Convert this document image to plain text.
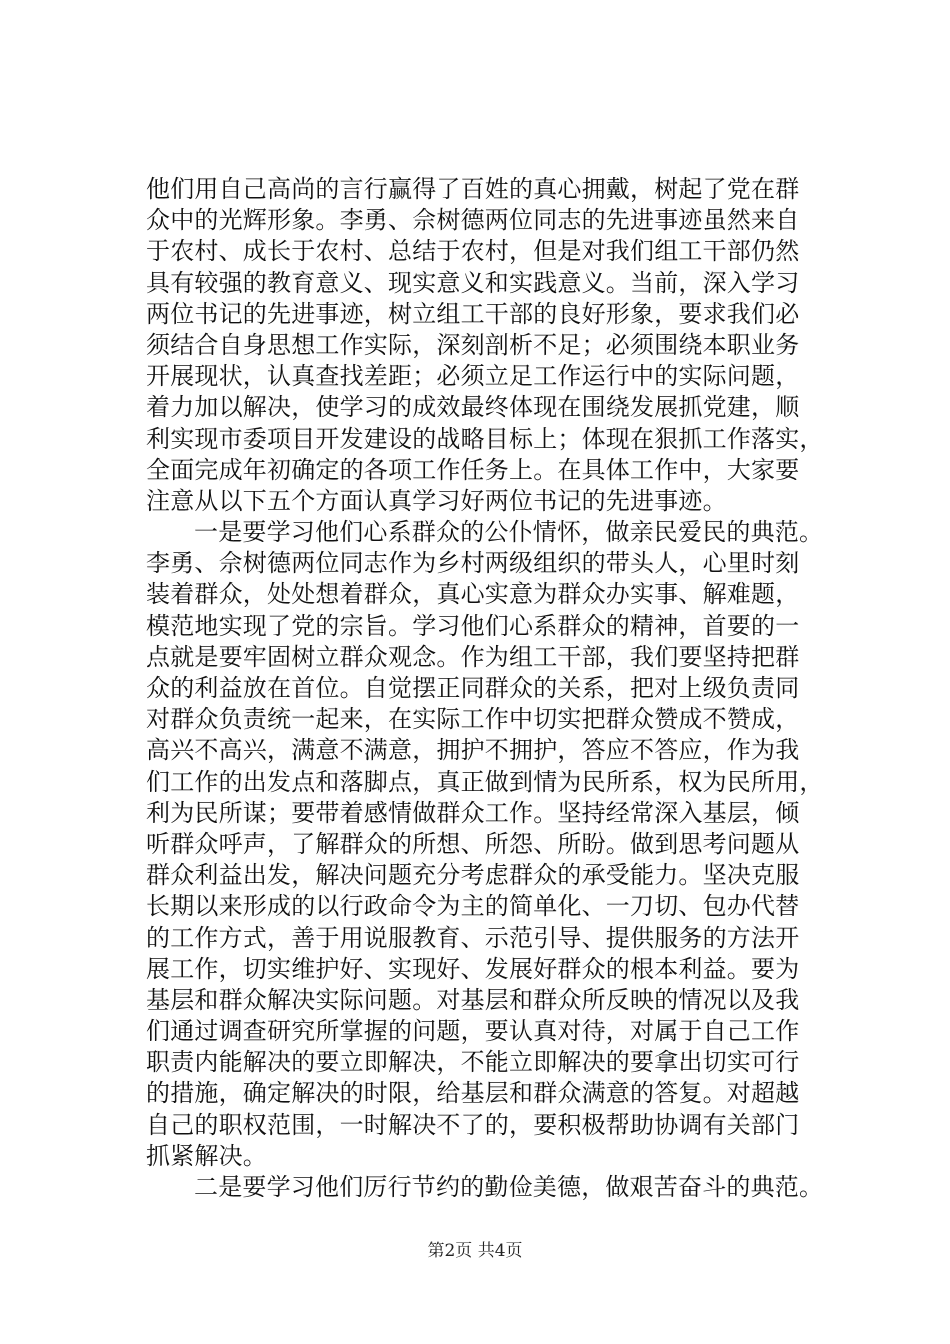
他们用自己高尚的言行赢得了百姓的真心拥戴，树起了党在群
众中的光辉形象。李勇、佘树德两位同志的先进事迹虽然来自
于农村、成长于农村、总结于农村，但是对我们组工干部仍然
具有较强的教育意义、现实意义和实践意义。当前，深入学习
两位书记的先进事迹，树立组工干部的良好形象，要求我们必
须结合自身思想工作实际，深刻剖析不足；必须围绕本职业务
开展现状，认真查找差距；必须立足工作运行中的实际问题，
着力加以解决，使学习的成效最终体现在围绕发展抓党建，顺
利实现市委项目开发建设的战略目标上；体现在狠抓工作落实，
全面完成年初确定的各项工作任务上。在具体工作中，大家要
注意从以下五个方面认真学习好两位书记的先进事迹。
一是要学习他们心系群众的公仆情怀，做亲民爱民的典范。
李勇、佘树德两位同志作为乡村两级组织的带头人，心里时刻
装着群众，处处想着群众，真心实意为群众办实事、解难题，
模范地实现了党的宗旨。学习他们心系群众的精神，首要的一
点就是要牢固树立群众观念。作为组工干部，我们要坚持把群
众的利益放在首位。自觉摆正同群众的关系，把对上级负责同
对群众负责统一起来，在实际工作中切实把群众赞成不赞成，
高兴不高兴，满意不满意，拥护不拥护，答应不答应，作为我
们工作的出发点和落脚点，真正做到情为民所系，权为民所用，
利为民所谋；要带着感情做群众工作。坚持经常深入基层，倾
听群众呼声，了解群众的所想、所怨、所盼。做到思考问题从
群众利益出发，解决问题充分考虑群众的承受能力。坚决克服
长期以来形成的以行政命令为主的简单化、一刀切、包办代替
的工作方式，善于用说服教育、示范引导、提供服务的方法开
展工作，切实维护好、实现好、发展好群众的根本利益。要为
基层和群众解决实际问题。对基层和群众所反映的情况以及我
们通过调查研究所掌握的问题，要认真对待，对属于自己工作
职责内能解决的要立即解决，不能立即解决的要拿出切实可行
的措施，确定解决的时限，给基层和群众满意的答复。对超越
自己的职权范围，一时解决不了的，要积极帮助协调有关部门
抓紧解决。
二是要学习他们厉行节约的勤俭美德，做艰苦奋斗的典范。
第2页 共4页
